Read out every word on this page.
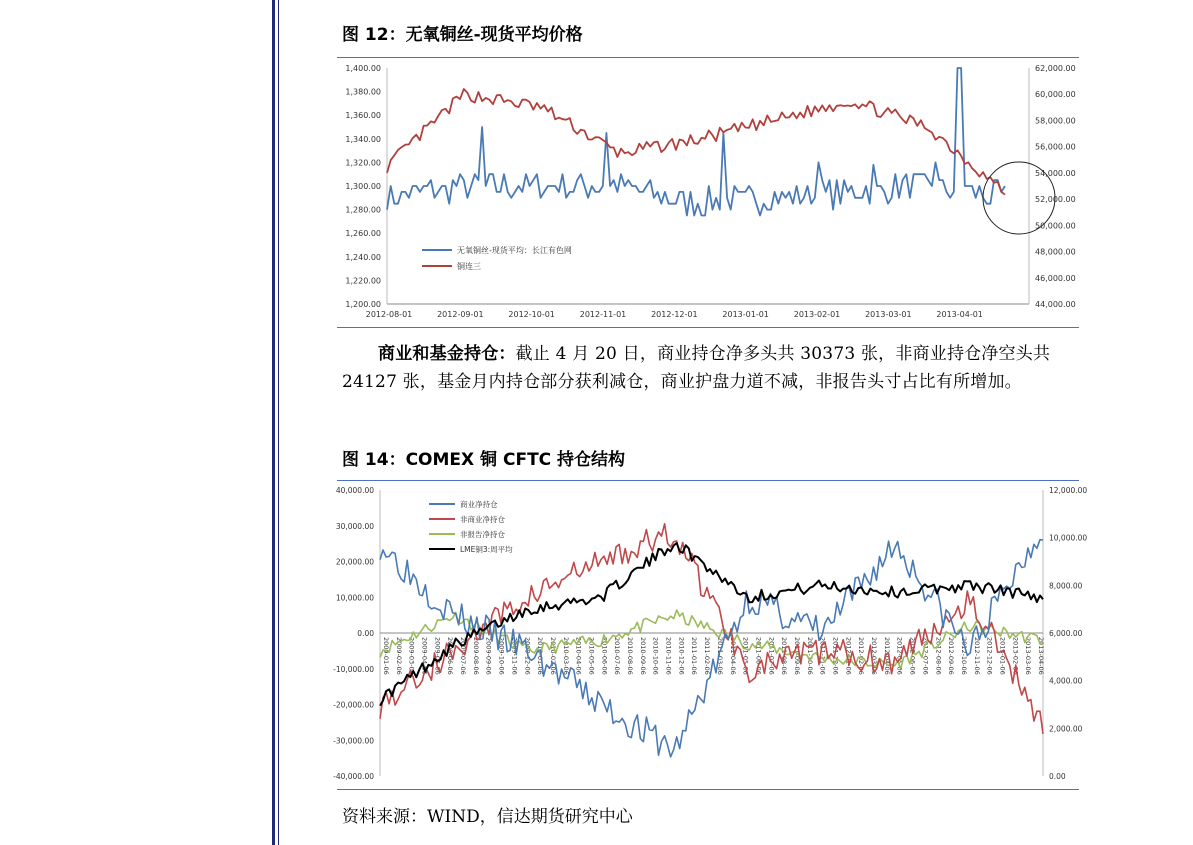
图 12：无氧铜丝-现货平均价格
1,400.00
1,380.00
1,360.00
1,340.00
1,320.00
1,300.00
1,280.00
1,260.00
1,240.00
1,220.00
1,200.00
62,000.00
60,000.00
58,000.00
56,000.00
54,000.00
52,000.00
50,000.00
48,000.00
46,000.00
44,000.00
2012-08-01	2012-09-01	2012-10-01	2012-11-01	2012-12-01	2013-01-01	2013-02-01	2013-03-01	2013-04-01
无氧铜丝-现货平均：长江有色网
铜连三
商业和基金持仓：截止 4 月 20 日，商业持仓净多头共 30373 张，非商业持仓净空头共 24127 张，基金月内持仓部分获利减仓，商业护盘力道不减，非报告头寸占比有所增加。
图 14：COMEX 铜 CFTC 持仓结构
40,000.00
30,000.00
20,000.00
10,000.00
0.00
-10,000.00
-20,000.00
-30,000.00
-40,000.00
12,000.00
10,000.00
8,000.00
6,000.00
4,000.00
2,000.00
0.00
2009-01-06 2009-02-06 2009-03-06 2009-04-06 2009-05-06 2009-06-06 2009-07-06 2009-08-06 2009-09-06 2009-10-06 2009-11-06 2009-12-06 2010-01-06 2010-02-06 2010-03-06 2010-04-06 2010-05-06 2010-06-06 2010-07-06 2010-08-06 2010-09-06 2010-10-06 2010-11-06 2010-12-06 2011-01-06 2011-02-06 2011-03-06 2011-04-06 2011-05-06 2011-06-06 2011-07-06 2011-08-06 2011-09-06 2011-10-06 2011-11-06 2011-12-06 2012-01-06 2012-02-06 2012-03-06 2012-04-06 2012-05-06 2012-06-06 2012-07-06 2012-08-06 2012-09-06 2012-10-06 2012-11-06 2012-12-06 2013-01-06 2013-02-06 2013-03-06 2013-04-06
商业净持仓
非商业净持仓
非报告净持仓
LME铜3:周平均
资料来源：WIND，信达期货研究中心
